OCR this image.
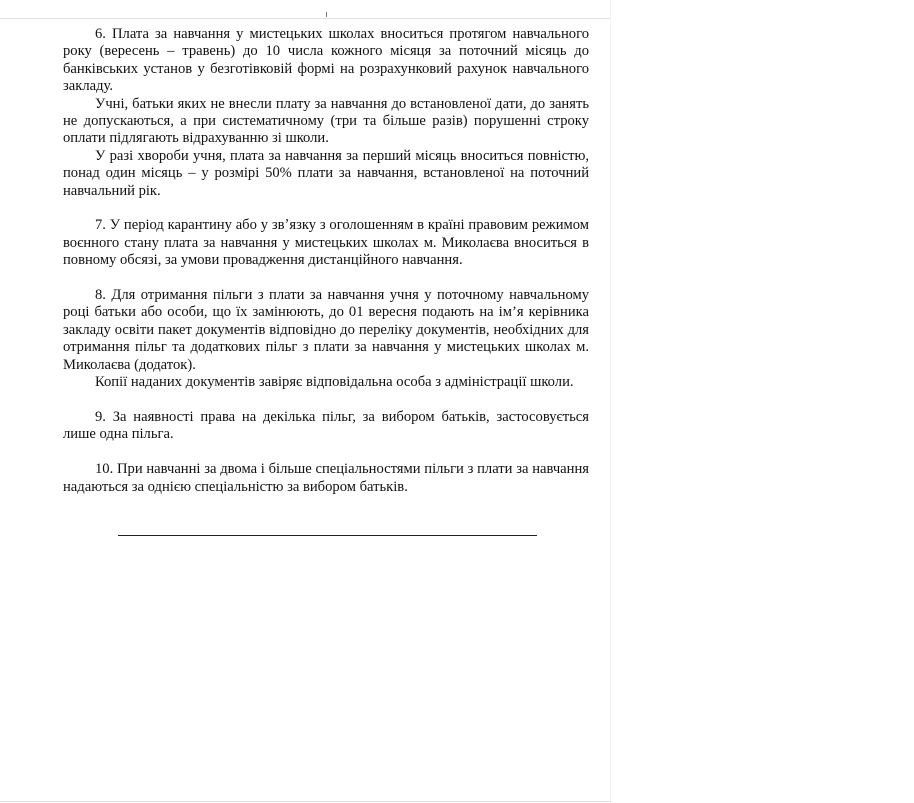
6. Плата за навчання у мистецьких школах вноситься протягом навчального року (вересень – травень) до 10 числа кожного місяця за поточний місяць до банківських установ у безготівковій формі на розрахунковий рахунок навчального закладу.

Учні, батьки яких не внесли плату за навчання до встановленої дати, до занять не допускаються, а при систематичному (три та більше разів) порушенні строку оплати підлягають відрахуванню зі школи.

У разі хвороби учня, плата за навчання за перший місяць вноситься повністю, понад один місяць – у розмірі 50% плати за навчання, встановленої на поточний навчальний рік.

7. У період карантину або у звʼязку з оголошенням в країні правовим режимом воєнного стану плата за навчання у мистецьких школах м. Миколаєва вноситься в повному обсязі, за умови провадження дистанційного навчання.

8. Для отримання пільги з плати за навчання учня у поточному навчальному році батьки або особи, що їх замінюють, до 01 вересня подають на ім’я керівника закладу освіти пакет документів відповідно до переліку документів, необхідних для отримання пільг та додаткових пільг з плати за навчання у мистецьких школах м. Миколаєва (додаток).

Копії наданих документів завіряє відповідальна особа з адміністрації школи.

9. За наявності права на декілька пільг, за вибором батьків, застосовується лише одна пільга.

10. При навчанні за двома і більше спеціальностями пільги з плати за навчання надаються за однією спеціальністю за вибором батьків.
